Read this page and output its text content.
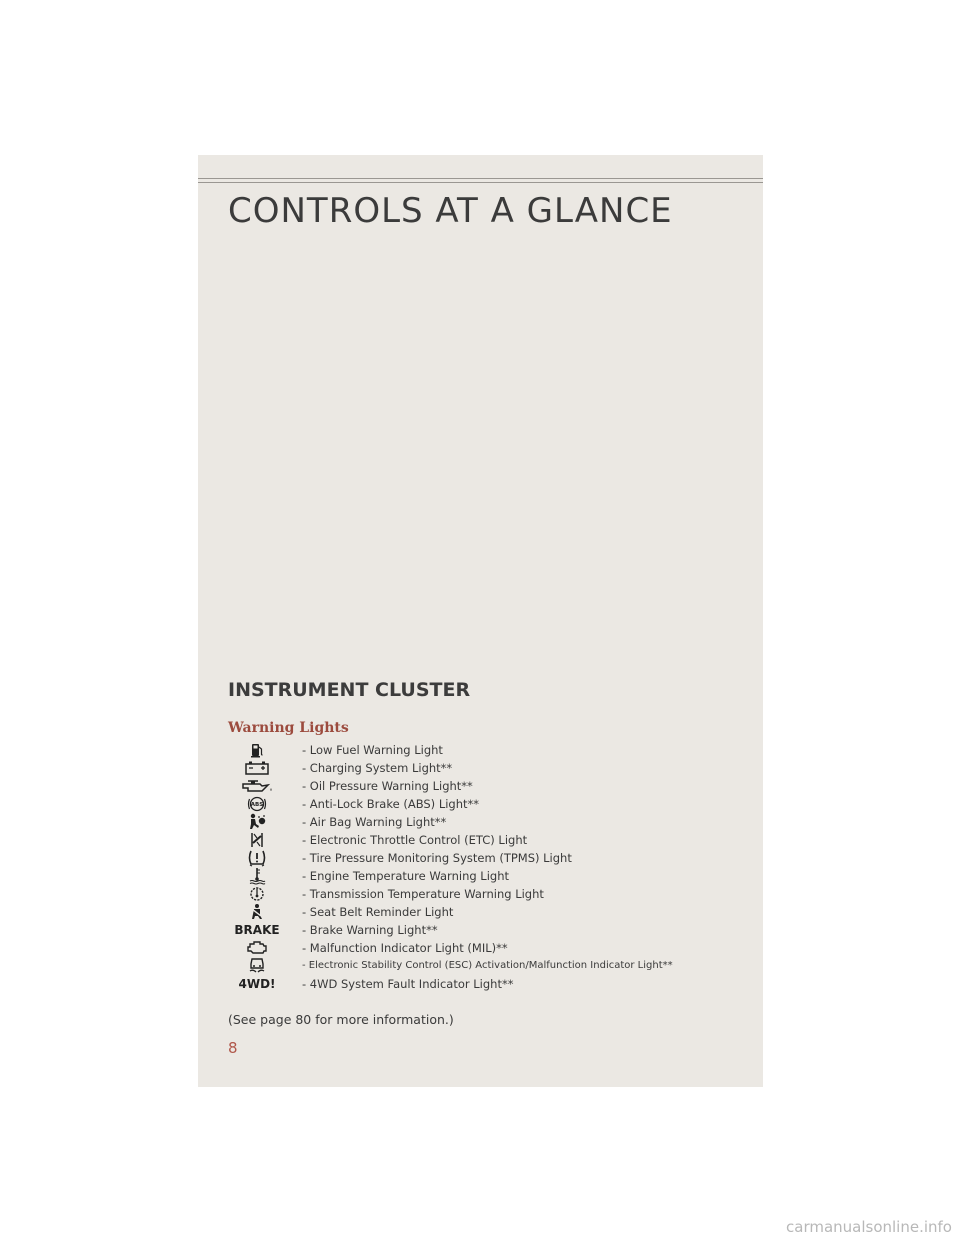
CONTROLS AT A GLANCE
INSTRUMENT CLUSTER
Warning Lights
- Low Fuel Warning Light
- Charging System Light**
- Oil Pressure Warning Light**
ABS	- Anti-Lock Brake (ABS) Light**
- Air Bag Warning Light**
- Electronic Throttle Control (ETC) Light
- Tire Pressure Monitoring System (TPMS) Light
- Engine Temperature Warning Light
- Transmission Temperature Warning Light
- Seat Belt Reminder Light
BRAKE	- Brake Warning Light**
- Malfunction Indicator Light (MIL)**
- Electronic Stability Control (ESC) Activation/Malfunction Indicator Light**
4WD!	- 4WD System Fault Indicator Light**
(See page 80 for more information.)
8
carmanualsonline.info
